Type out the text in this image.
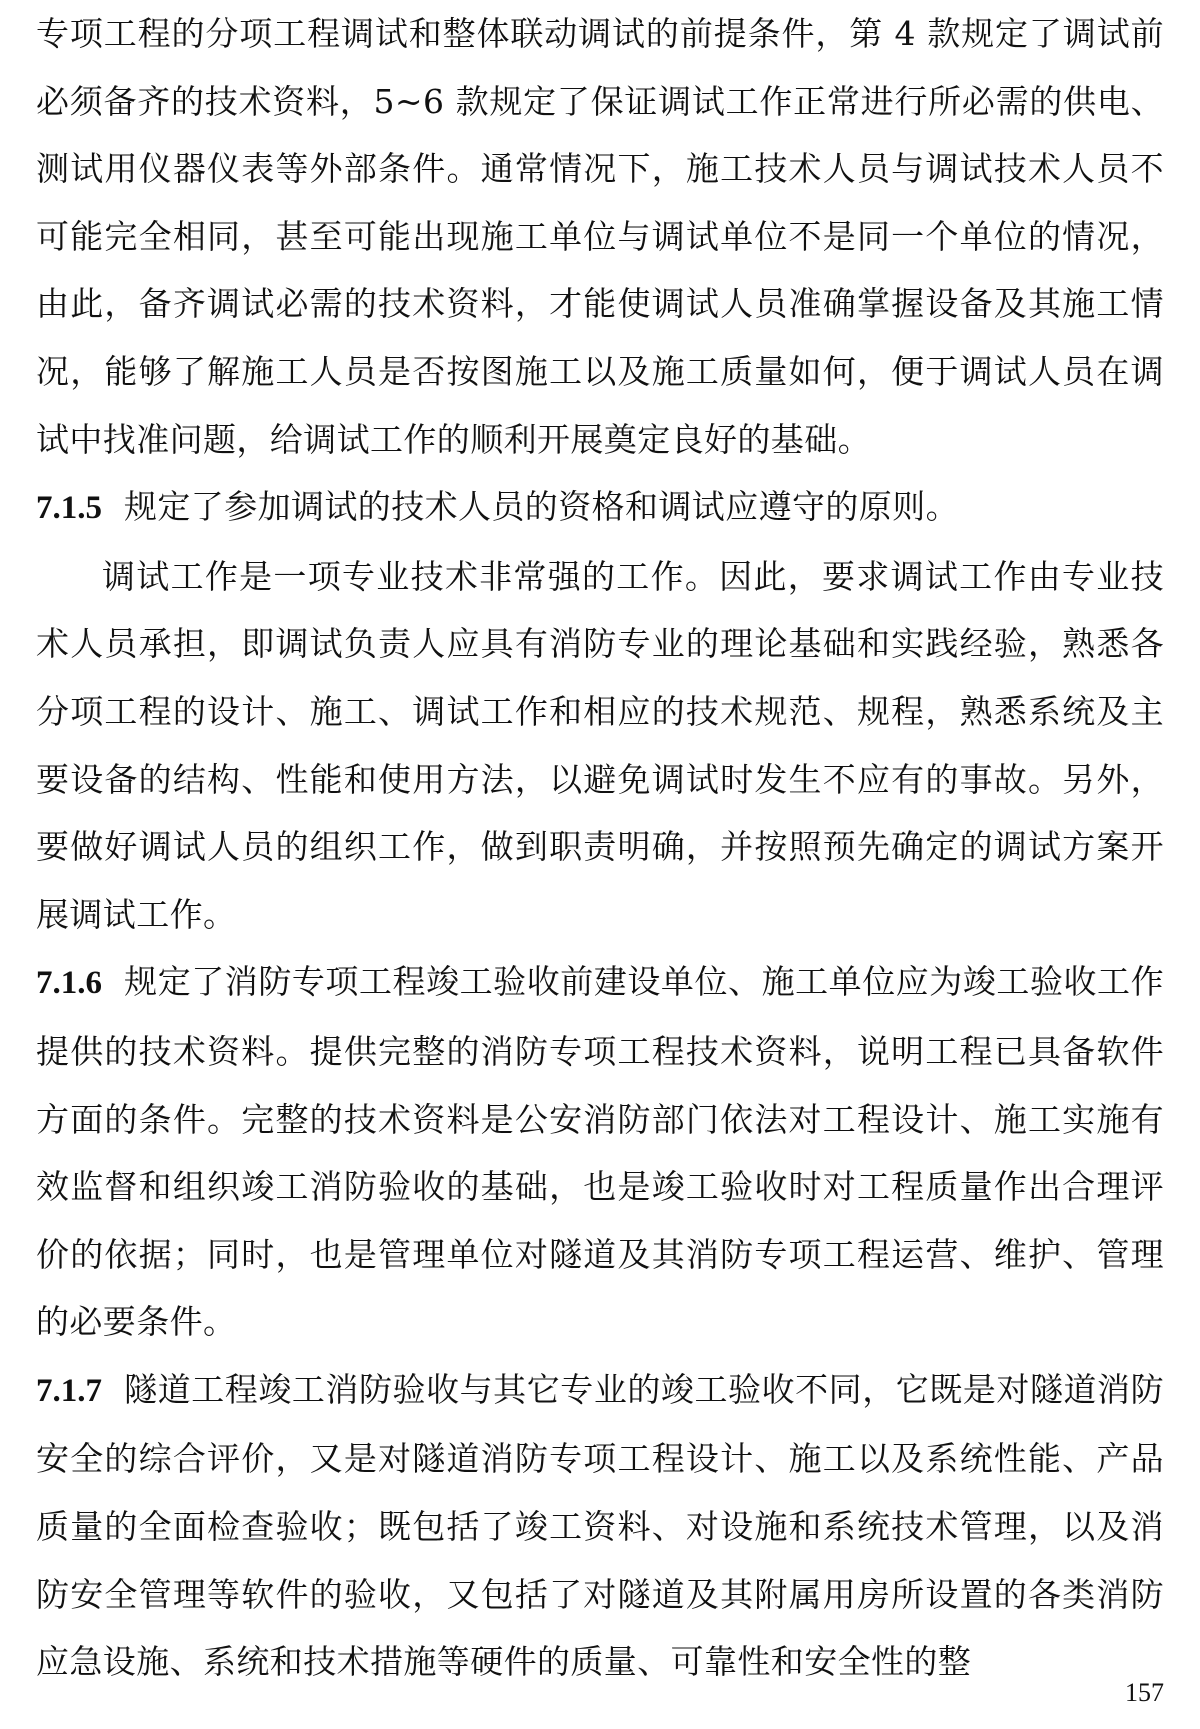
专项工程的分项工程调试和整体联动调试的前提条件，第 4 款规定了调试前必须备齐的技术资料，5~6 款规定了保证调试工作正常进行所必需的供电、测试用仪器仪表等外部条件。通常情况下，施工技术人员与调试技术人员不可能完全相同，甚至可能出现施工单位与调试单位不是同一个单位的情况，由此，备齐调试必需的技术资料，才能使调试人员准确掌握设备及其施工情况，能够了解施工人员是否按图施工以及施工质量如何，便于调试人员在调试中找准问题，给调试工作的顺利开展奠定良好的基础。

7.1.5 规定了参加调试的技术人员的资格和调试应遵守的原则。

调试工作是一项专业技术非常强的工作。因此，要求调试工作由专业技术人员承担，即调试负责人应具有消防专业的理论基础和实践经验，熟悉各分项工程的设计、施工、调试工作和相应的技术规范、规程，熟悉系统及主要设备的结构、性能和使用方法，以避免调试时发生不应有的事故。另外，要做好调试人员的组织工作，做到职责明确，并按照预先确定的调试方案开展调试工作。

7.1.6 规定了消防专项工程竣工验收前建设单位、施工单位应为竣工验收工作提供的技术资料。提供完整的消防专项工程技术资料，说明工程已具备软件方面的条件。完整的技术资料是公安消防部门依法对工程设计、施工实施有效监督和组织竣工消防验收的基础，也是竣工验收时对工程质量作出合理评价的依据；同时，也是管理单位对隧道及其消防专项工程运营、维护、管理的必要条件。

7.1.7 隧道工程竣工消防验收与其它专业的竣工验收不同，它既是对隧道消防安全的综合评价，又是对隧道消防专项工程设计、施工以及系统性能、产品质量的全面检查验收；既包括了竣工资料、对设施和系统技术管理，以及消防安全管理等软件的验收，又包括了对隧道及其附属用房所设置的各类消防应急设施、系统和技术措施等硬件的质量、可靠性和安全性的整

157
